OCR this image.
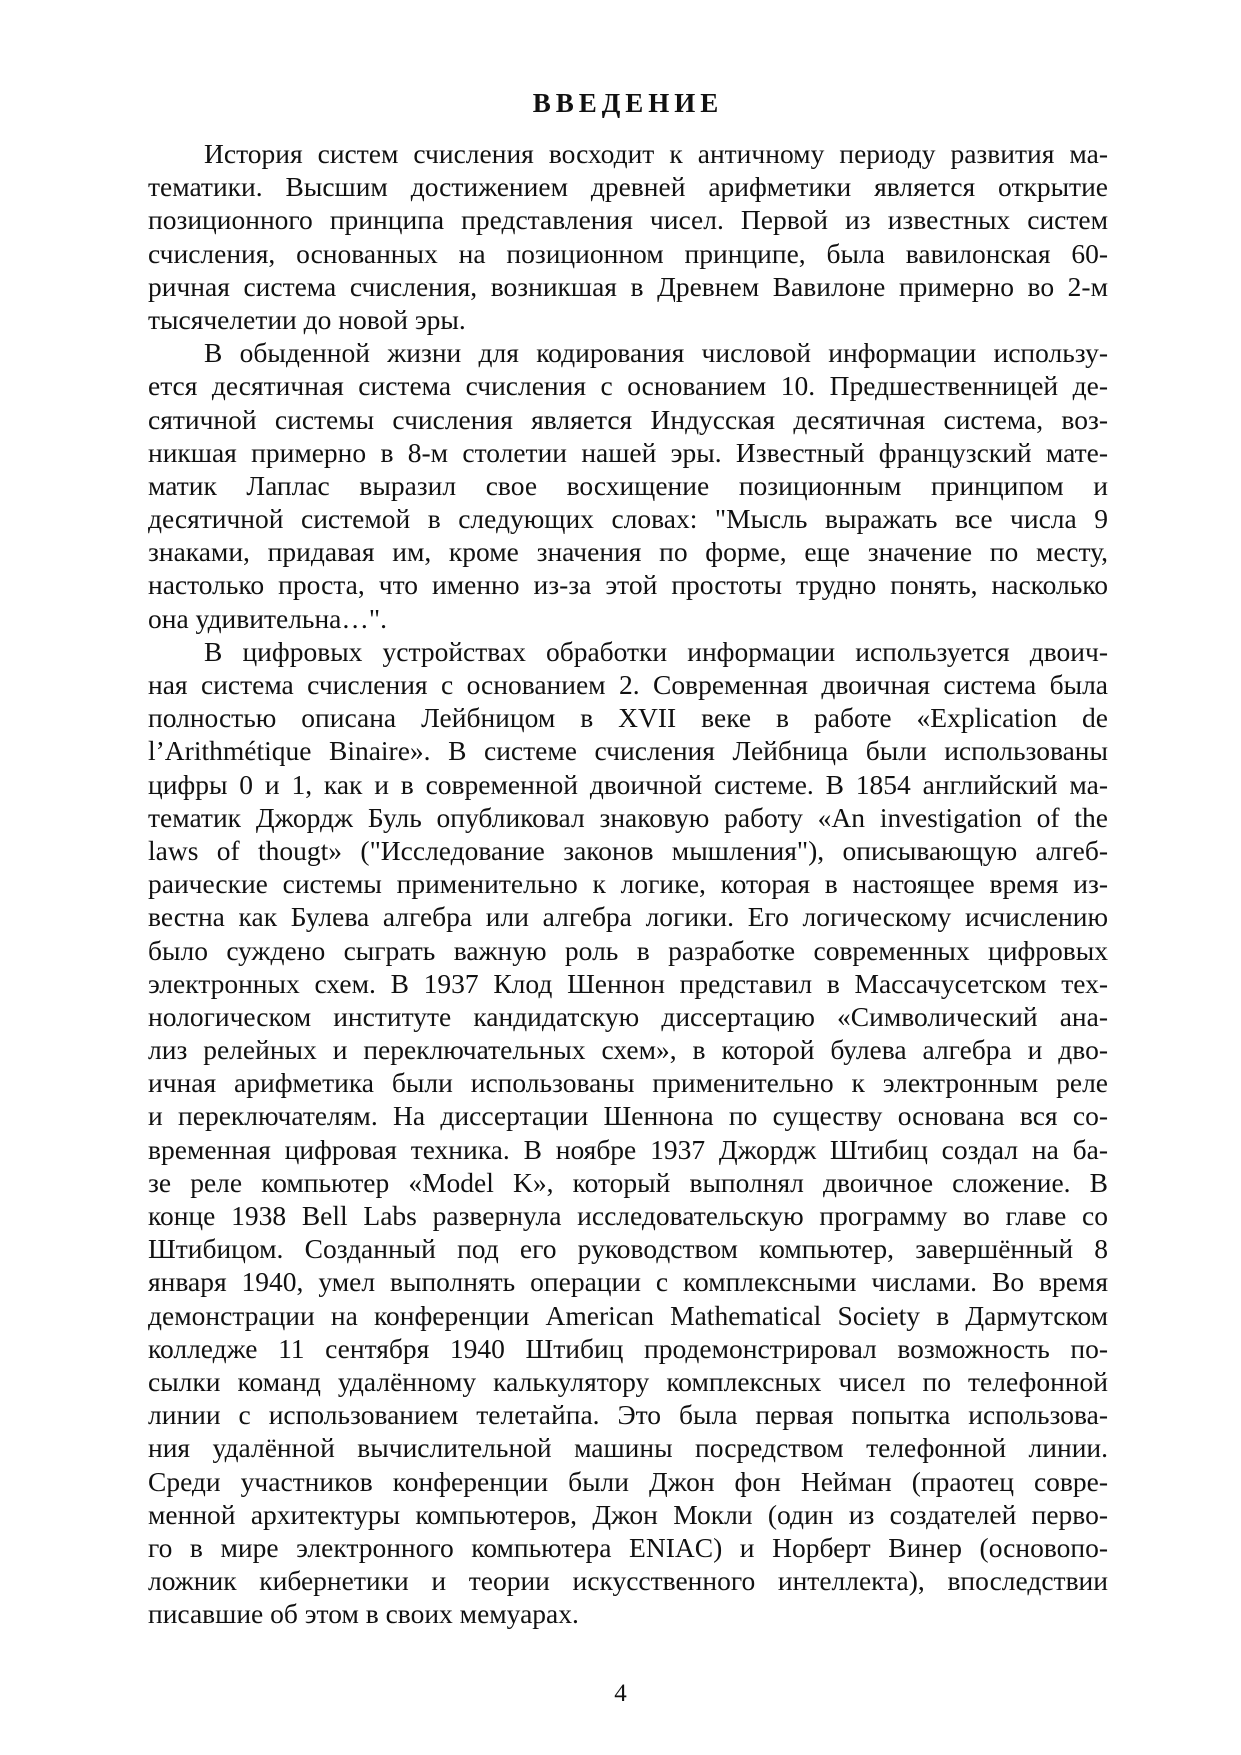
ВВЕДЕНИЕ
История систем счисления восходит к античному периоду развития ма-
тематики. Высшим достижением древней арифметики является открытие
позиционного принципа представления чисел. Первой из известных систем
счисления, основанных на позиционном принципе, была вавилонская 60-
ричная система счисления, возникшая в Древнем Вавилоне примерно во 2-м
тысячелетии до новой эры.
В обыденной жизни для кодирования числовой информации использу-
ется десятичная система счисления с основанием 10. Предшественницей де-
сятичной системы счисления является Индусская десятичная система, воз-
никшая примерно в 8-м столетии нашей эры. Известный французский мате-
матик Лаплас выразил свое восхищение позиционным принципом и
десятичной системой в следующих словах: "Мысль выражать все числа 9
знаками, придавая им, кроме значения по форме, еще значение по месту,
настолько проста, что именно из-за этой простоты трудно понять, насколько
она удивительна…".
В цифровых устройствах обработки информации используется двоич-
ная система счисления с основанием 2. Современная двоичная система была
полностью описана Лейбницом в XVII веке в работе «Explication de
l’Arithmétique Binaire». В системе счисления Лейбница были использованы
цифры 0 и 1, как и в современной двоичной системе. В 1854 английский ма-
тематик Джордж Буль опубликовал знаковую работу «An investigation of the
laws of thougt» ("Исследование законов мышления"), описывающую алгеб-
раические системы применительно к логике, которая в настоящее время из-
вестна как Булева алгебра или алгебра логики. Его логическому исчислению
было суждено сыграть важную роль в разработке современных цифровых
электронных схем. В 1937 Клод Шеннон представил в Массачусетском тех-
нологическом институте кандидатскую диссертацию «Символический ана-
лиз релейных и переключательных схем», в которой булева алгебра и дво-
ичная арифметика были использованы применительно к электронным реле
и переключателям. На диссертации Шеннона по существу основана вся со-
временная цифровая техника. В ноябре 1937 Джордж Штибиц создал на ба-
зе реле компьютер «Model K», который выполнял двоичное сложение. В
конце 1938 Bell Labs развернула исследовательскую программу во главе со
Штибицом. Созданный под его руководством компьютер, завершённый 8
января 1940, умел выполнять операции с комплексными числами. Во время
демонстрации на конференции American Mathematical Society в Дармутском
колледже 11 сентября 1940 Штибиц продемонстрировал возможность по-
сылки команд удалённому калькулятору комплексных чисел по телефонной
линии с использованием телетайпа. Это была первая попытка использова-
ния удалённой вычислительной машины посредством телефонной линии.
Среди участников конференции были Джон фон Нейман (праотец совре-
менной архитектуры компьютеров, Джон Мокли (один из создателей перво-
го в мире электронного компьютера ENIAC) и Норберт Винер (основопо-
ложник кибернетики и теории искусственного интеллекта), впоследствии
писавшие об этом в своих мемуарах.
4
